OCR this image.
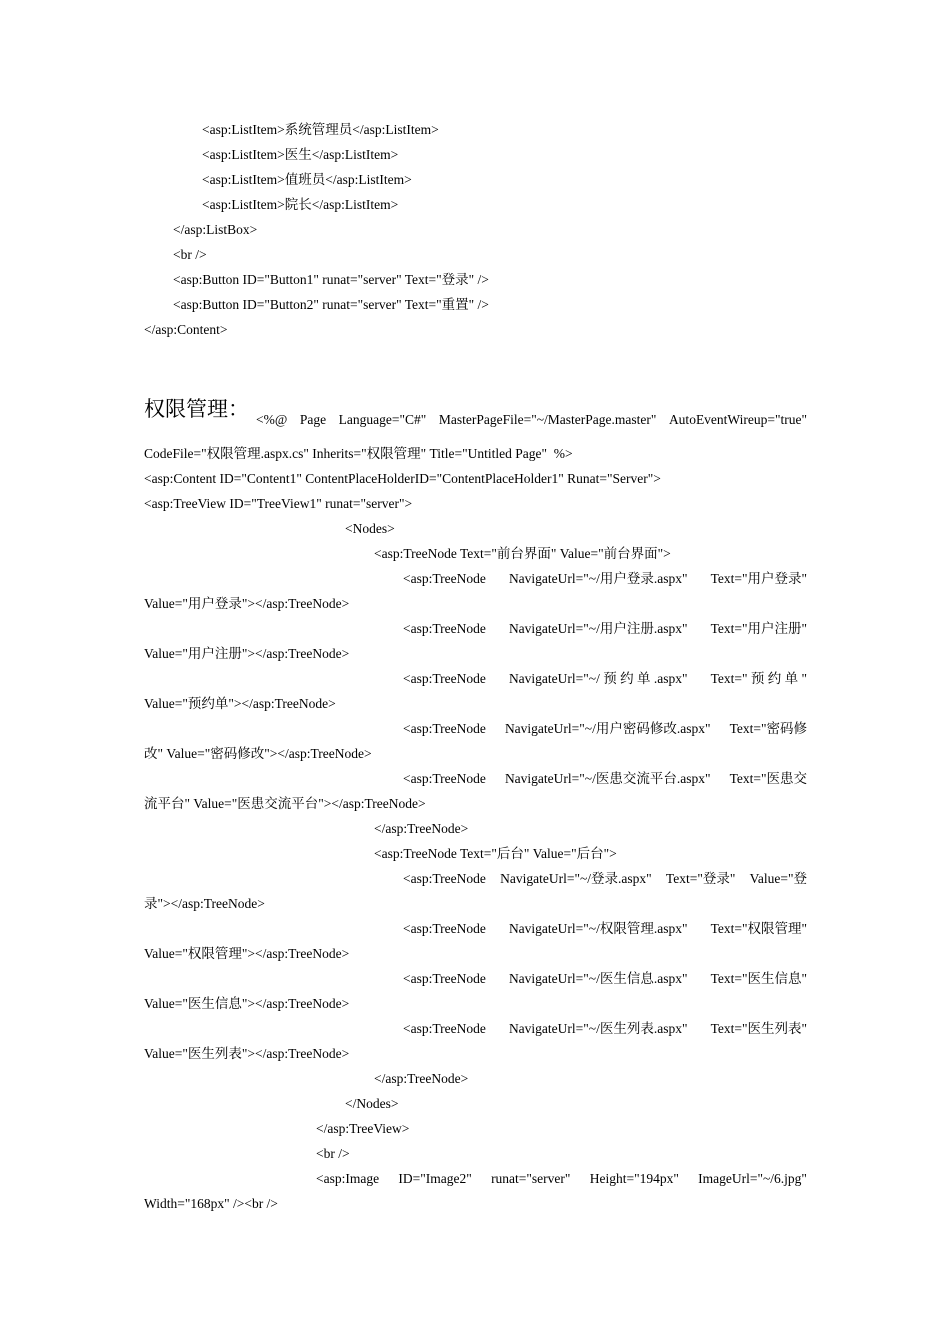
<asp:ListItem>系统管理员</asp:ListItem>
<asp:ListItem>医生</asp:ListItem>
<asp:ListItem>值班员</asp:ListItem>
<asp:ListItem>院长</asp:ListItem>
</asp:ListBox>
<br />
<asp:Button ID="Button1" runat="server" Text="登录" />
<asp:Button ID="Button2" runat="server" Text="重置" />
</asp:Content>
权限管理： <%@ Page Language="C#" MasterPageFile="~/MasterPage.master" AutoEventWireup="true"
CodeFile="权限管理.aspx.cs" Inherits="权限管理" Title="Untitled Page"  %>
<asp:Content ID="Content1" ContentPlaceHolderID="ContentPlaceHolder1" Runat="Server">
<asp:TreeView ID="TreeView1" runat="server">
<Nodes>
<asp:TreeNode Text="前台界面" Value="前台界面">
<asp:TreeNode NavigateUrl="~/用户登录.aspx" Text="用户登录"
Value="用户登录"></asp:TreeNode>
<asp:TreeNode NavigateUrl="~/用户注册.aspx" Text="用户注册"
Value="用户注册"></asp:TreeNode>
<asp:TreeNode NavigateUrl="~/ 预 约 单 .aspx" Text=" 预 约 单 "
Value="预约单"></asp:TreeNode>
<asp:TreeNode NavigateUrl="~/用户密码修改.aspx" Text="密码修
改" Value="密码修改"></asp:TreeNode>
<asp:TreeNode NavigateUrl="~/医患交流平台.aspx" Text="医患交
流平台" Value="医患交流平台"></asp:TreeNode>
</asp:TreeNode>
<asp:TreeNode Text="后台" Value="后台">
<asp:TreeNode NavigateUrl="~/登录.aspx" Text="登录" Value="登
录"></asp:TreeNode>
<asp:TreeNode NavigateUrl="~/权限管理.aspx" Text="权限管理"
Value="权限管理"></asp:TreeNode>
<asp:TreeNode NavigateUrl="~/医生信息.aspx" Text="医生信息"
Value="医生信息"></asp:TreeNode>
<asp:TreeNode NavigateUrl="~/医生列表.aspx" Text="医生列表"
Value="医生列表"></asp:TreeNode>
</asp:TreeNode>
</Nodes>
</asp:TreeView>
<br />
<asp:Image ID="Image2" runat="server" Height="194px" ImageUrl="~/6.jpg"
Width="168px" /><br />
